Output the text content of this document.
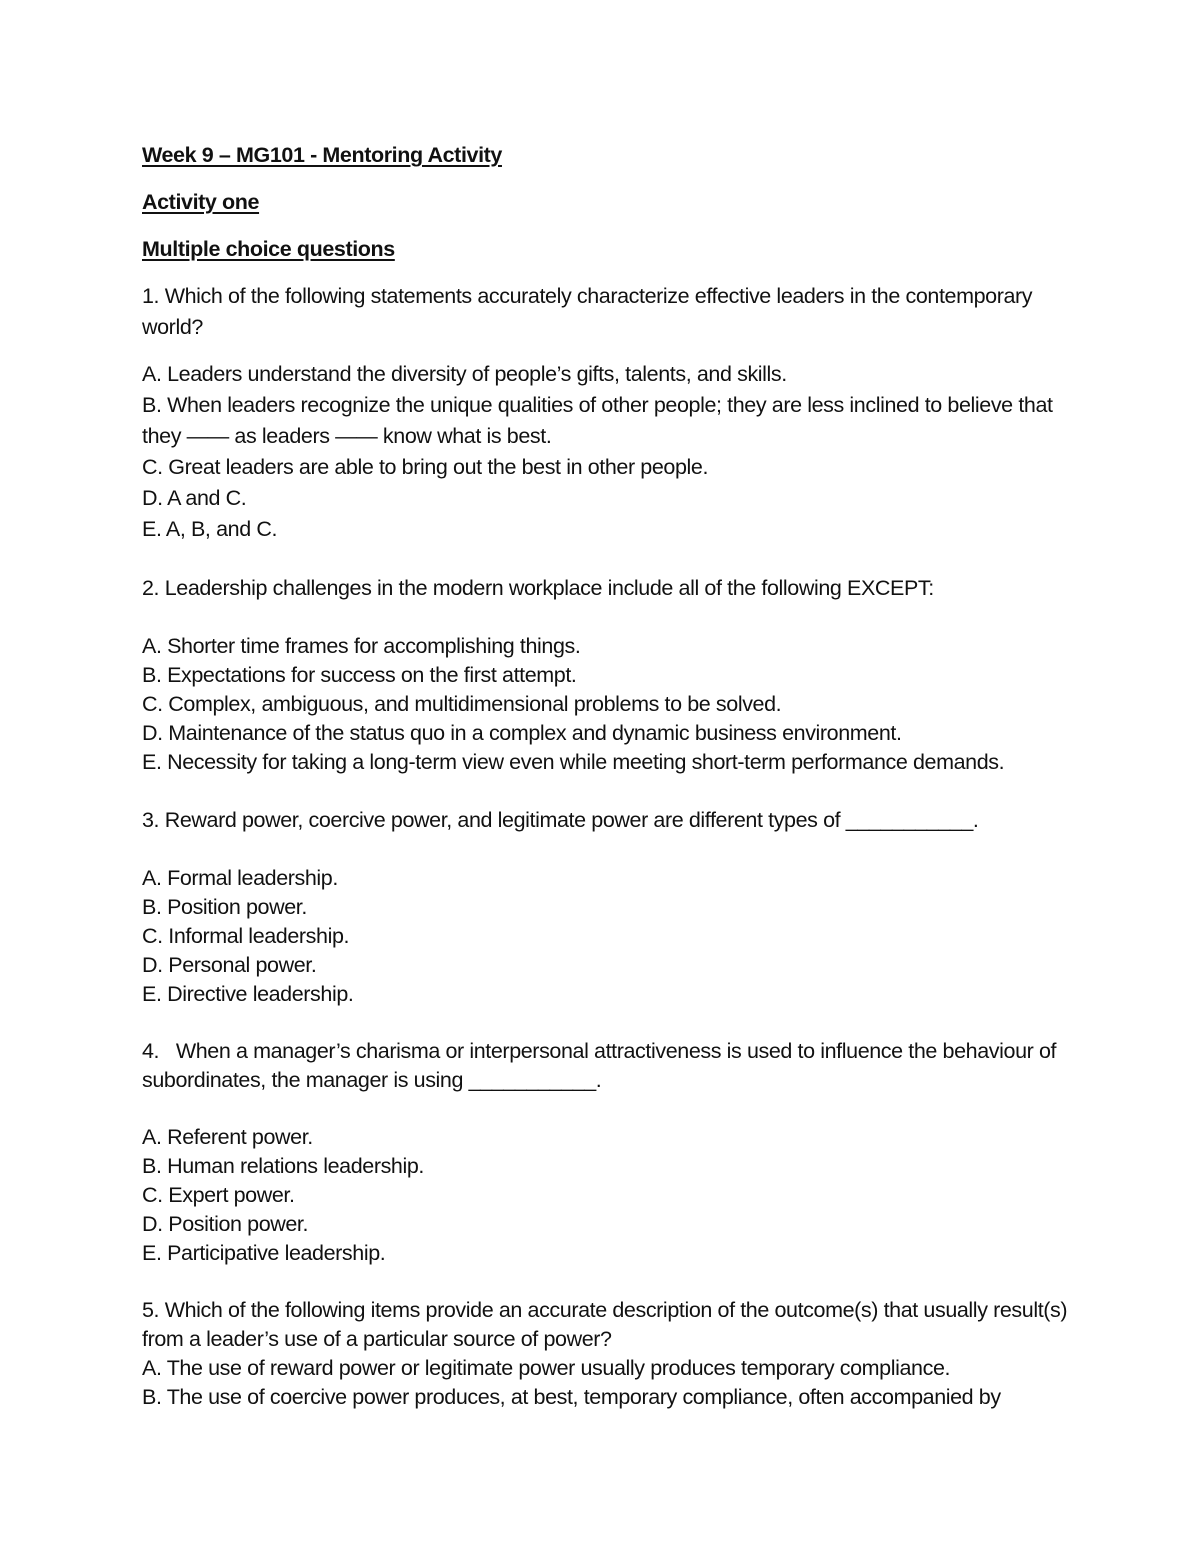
Week 9 – MG101 - Mentoring Activity
Activity one
Multiple choice questions

1. Which of the following statements accurately characterize effective leaders in the contemporary world?

A. Leaders understand the diversity of people’s gifts, talents, and skills.
B. When leaders recognize the unique qualities of other people; they are less inclined to believe that they —— as leaders —— know what is best.
C. Great leaders are able to bring out the best in other people.
D. A and C.
E. A, B, and C.

2. Leadership challenges in the modern workplace include all of the following EXCEPT:

A. Shorter time frames for accomplishing things.
B. Expectations for success on the first attempt.
C. Complex, ambiguous, and multidimensional problems to be solved.
D. Maintenance of the status quo in a complex and dynamic business environment.
E. Necessity for taking a long-term view even while meeting short-term performance demands.

3. Reward power, coercive power, and legitimate power are different types of ___________.

A. Formal leadership.
B. Position power.
C. Informal leadership.
D. Personal power.
E. Directive leadership.

4.   When a manager’s charisma or interpersonal attractiveness is used to influence the behaviour of subordinates, the manager is using ___________.

A. Referent power.
B. Human relations leadership.
C. Expert power.
D. Position power.
E. Participative leadership.

5. Which of the following items provide an accurate description of the outcome(s) that usually result(s) from a leader’s use of a particular source of power?

A. The use of reward power or legitimate power usually produces temporary compliance.
B. The use of coercive power produces, at best, temporary compliance, often accompanied by
